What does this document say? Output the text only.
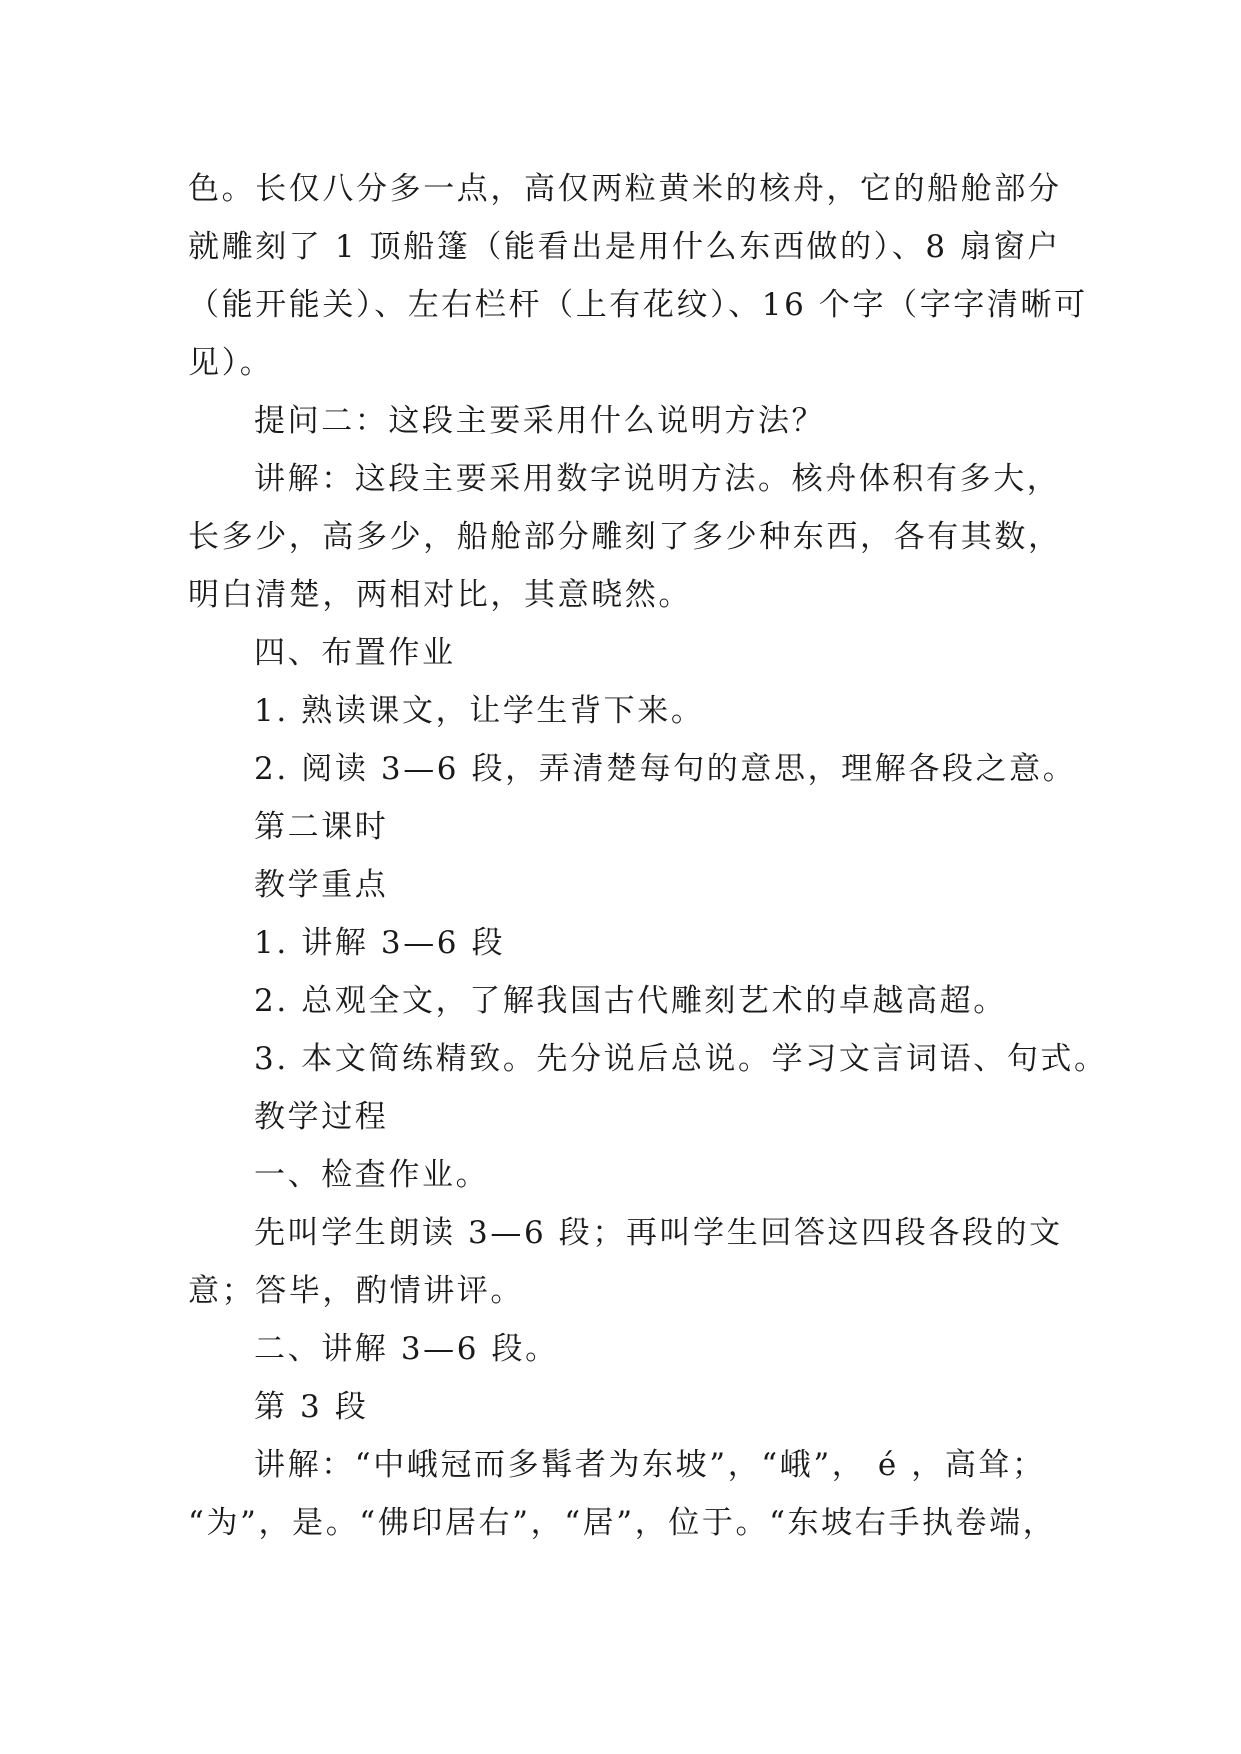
色。长仅八分多一点，高仅两粒黄米的核舟，它的船舱部分

就雕刻了 1 顶船篷（能看出是用什么东西做的）、8 扇窗户

（能开能关）、左右栏杆（上有花纹）、16 个字（字字清晰可

见）。

提问二：这段主要采用什么说明方法？

讲解：这段主要采用数字说明方法。核舟体积有多大，

长多少，高多少，船舱部分雕刻了多少种东西，各有其数，

明白清楚，两相对比，其意晓然。

四、布置作业

1. 熟读课文，让学生背下来。

2. 阅读 3—6 段，弄清楚每句的意思，理解各段之意。

第二课时

教学重点

1. 讲解 3—6 段

2. 总观全文，了解我国古代雕刻艺术的卓越高超。

3. 本文简练精致。先分说后总说。学习文言词语、句式。

教学过程

一、检查作业。

先叫学生朗读 3—6 段；再叫学生回答这四段各段的文

意；答毕，酌情讲评。

二、讲解 3—6 段。

第 3 段

讲解：“中峨冠而多髯者为东坡”，“峨”， é ，高耸；

“为”，是。“佛印居右”，“居”，位于。“东坡右手执卷端，
